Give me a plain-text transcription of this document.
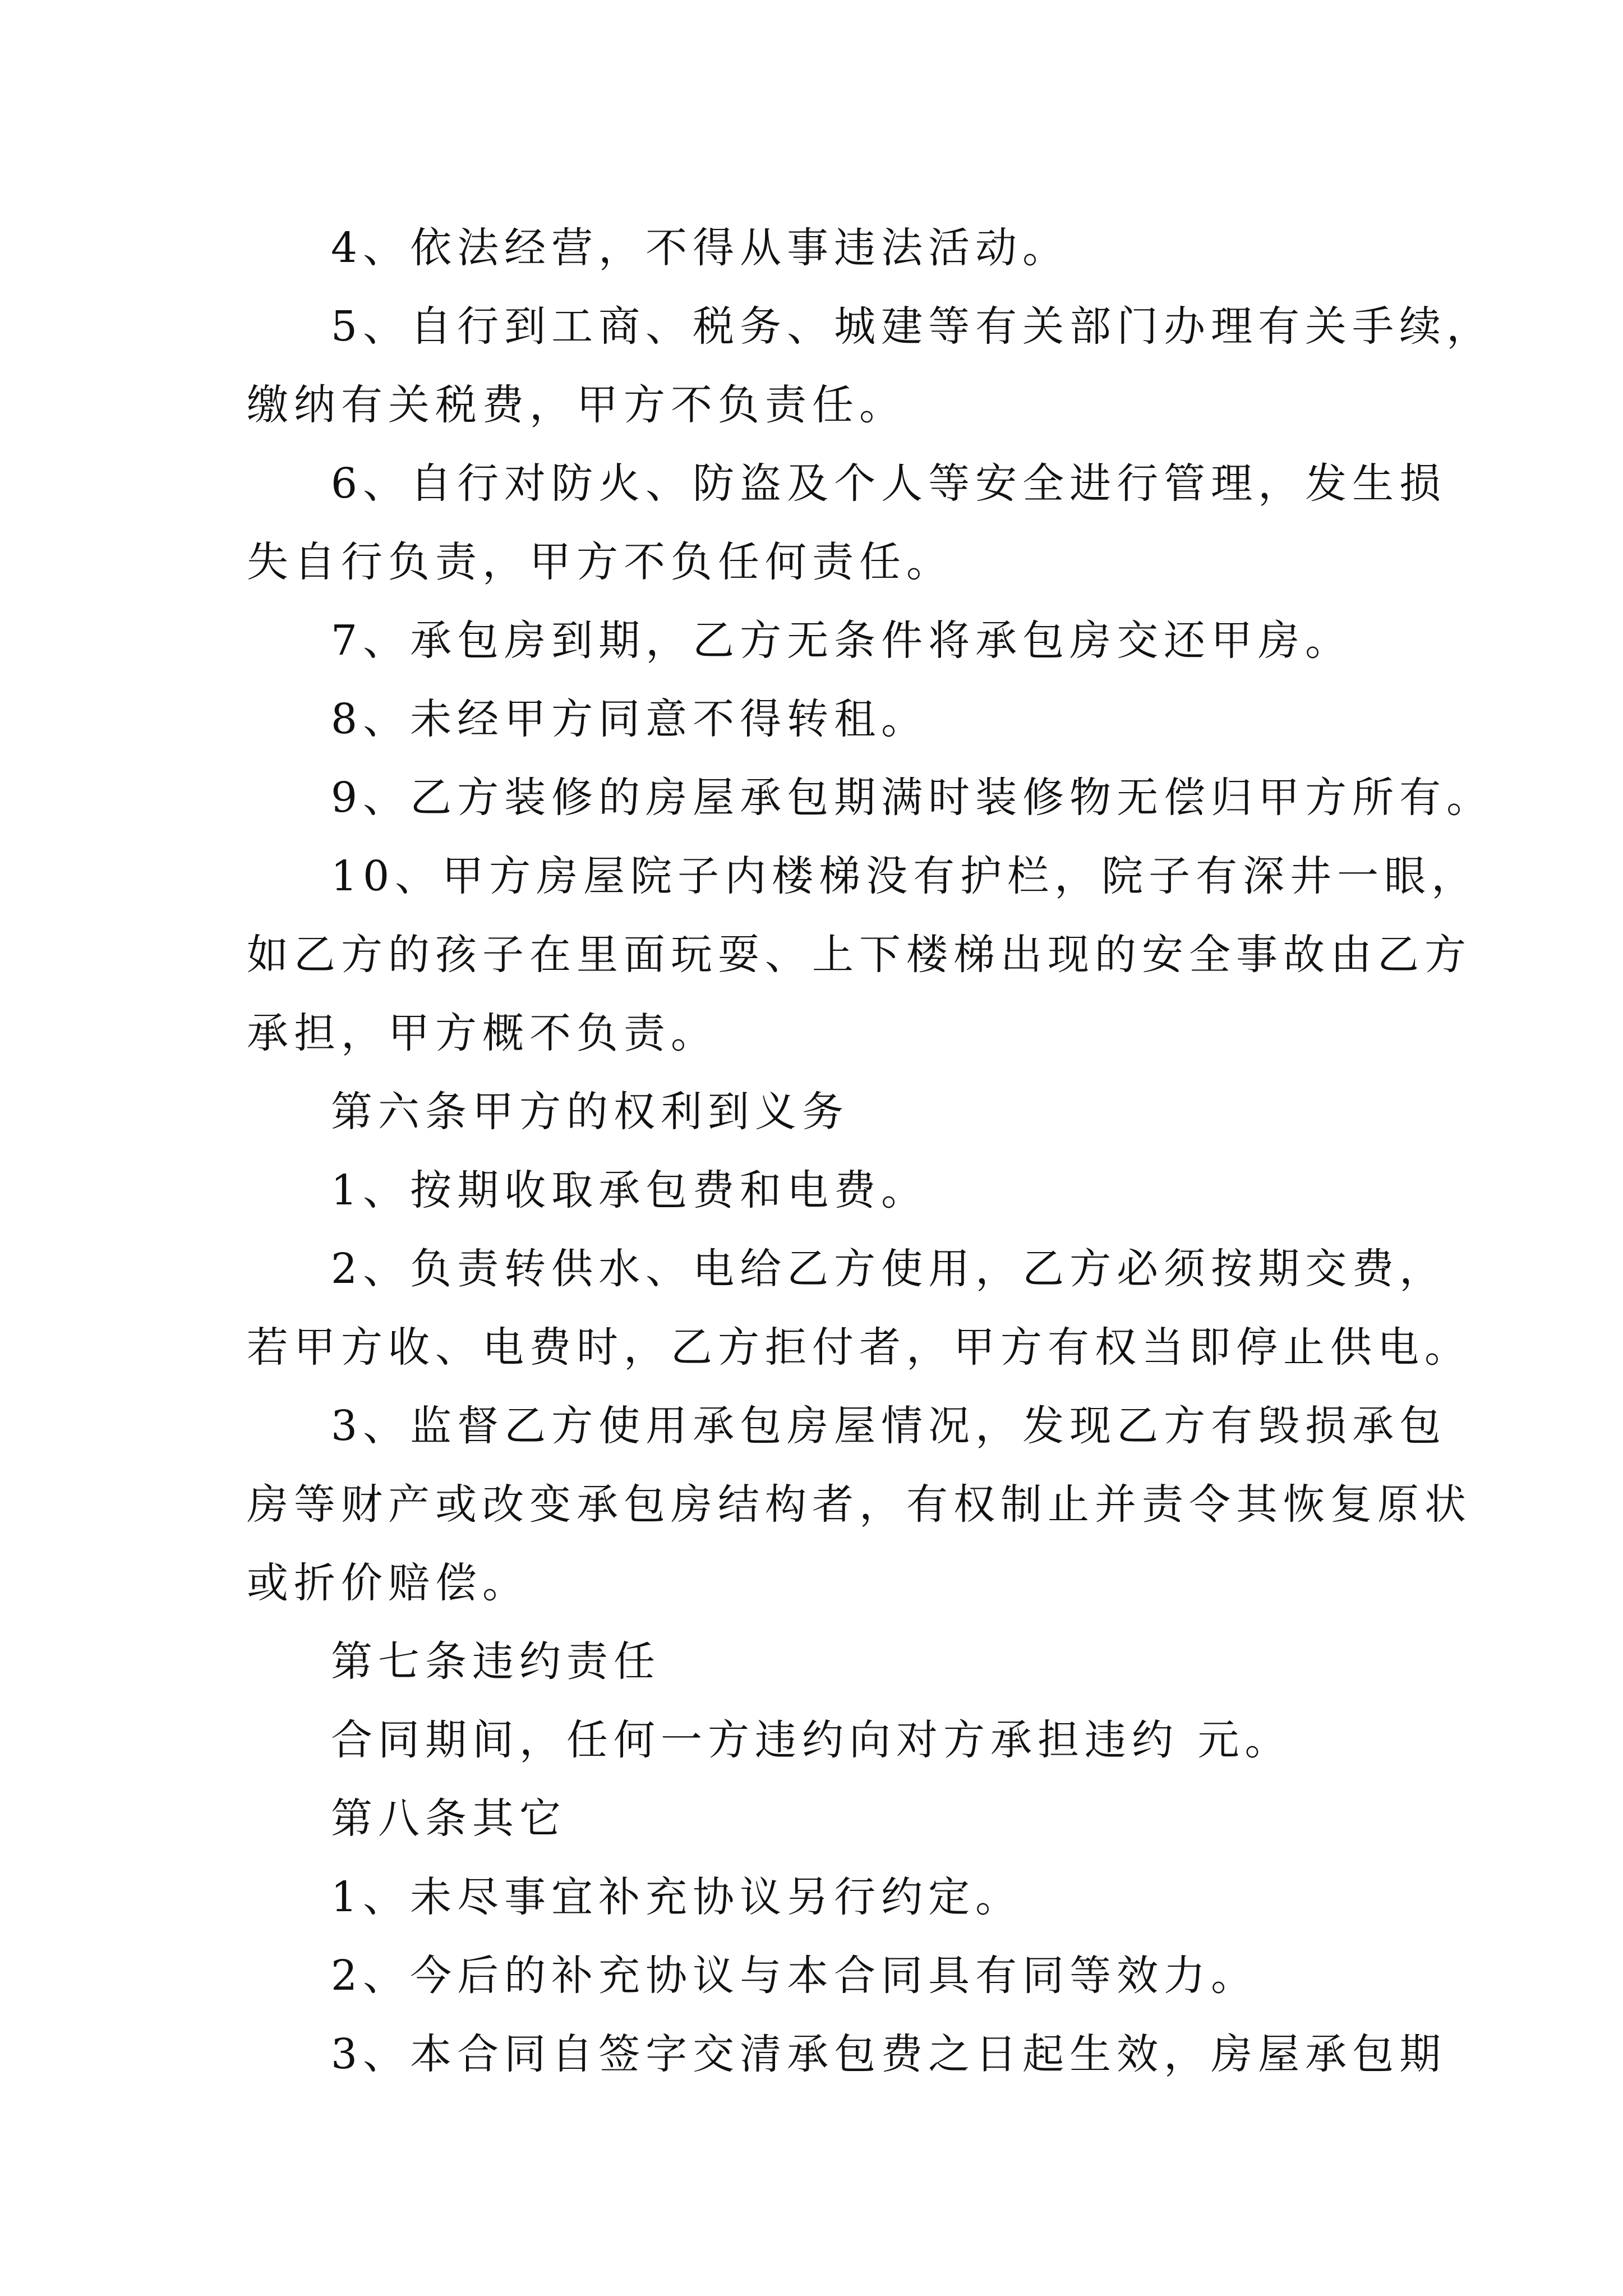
4、依法经营，不得从事违法活动。
5、自行到工商、税务、城建等有关部门办理有关手续，
缴纳有关税费，甲方不负责任。
6、自行对防火、防盗及个人等安全进行管理，发生损
失自行负责，甲方不负任何责任。
7、承包房到期，乙方无条件将承包房交还甲房。
8、未经甲方同意不得转租。
9、乙方装修的房屋承包期满时装修物无偿归甲方所有。
10、甲方房屋院子内楼梯没有护栏，院子有深井一眼，
如乙方的孩子在里面玩耍、上下楼梯出现的安全事故由乙方
承担，甲方概不负责。
第六条甲方的权利到义务
1、按期收取承包费和电费。
2、负责转供水、电给乙方使用，乙方必须按期交费，
若甲方收、电费时，乙方拒付者，甲方有权当即停止供电。
3、监督乙方使用承包房屋情况，发现乙方有毁损承包
房等财产或改变承包房结构者，有权制止并责令其恢复原状
或折价赔偿。
第七条违约责任
合同期间，任何一方违约向对方承担违约 元。
第八条其它
1、未尽事宜补充协议另行约定。
2、今后的补充协议与本合同具有同等效力。
3、本合同自签字交清承包费之日起生效，房屋承包期
